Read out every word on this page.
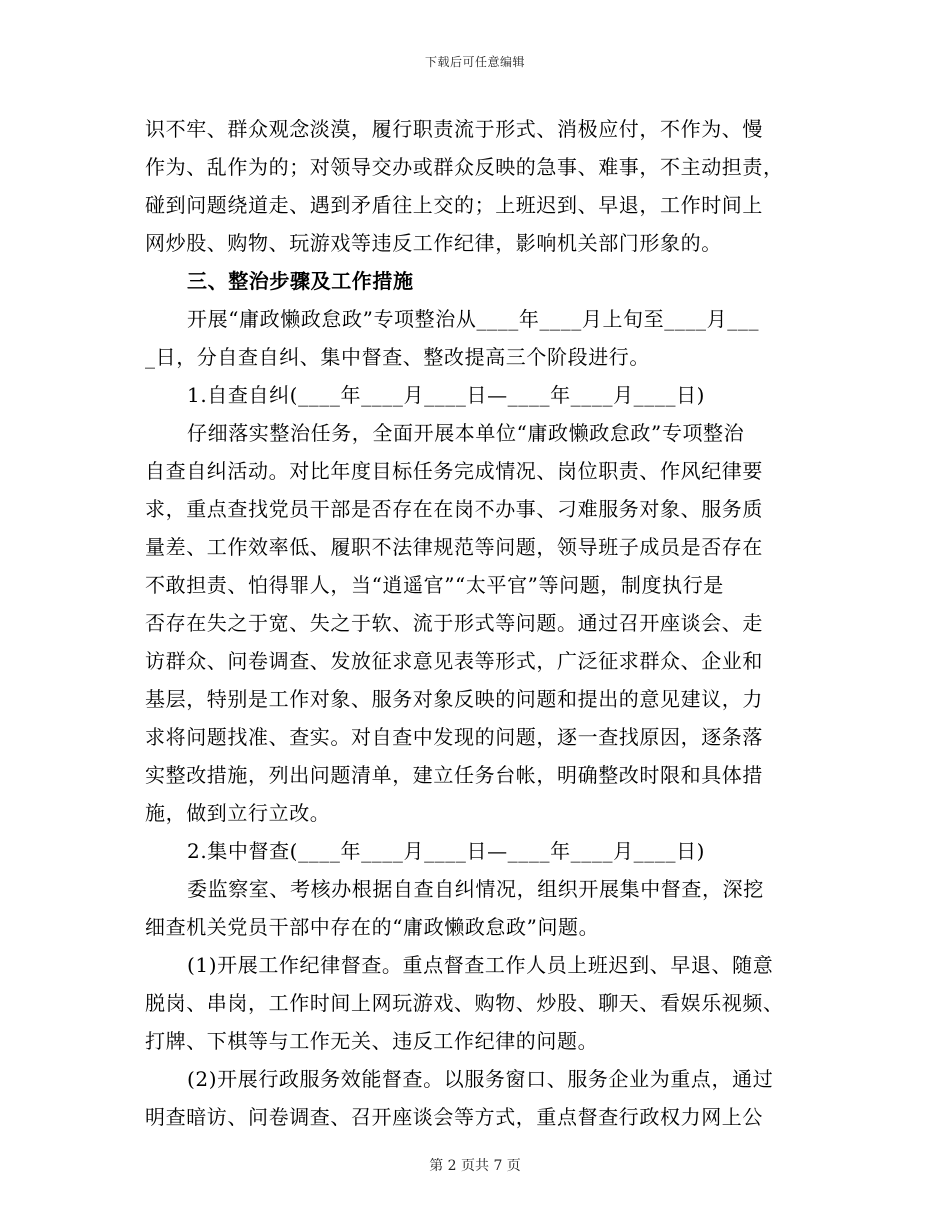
下载后可任意编辑
识不牢、群众观念淡漠，履行职责流于形式、消极应付，不作为、慢
作为、乱作为的；对领导交办或群众反映的急事、难事，不主动担责，
碰到问题绕道走、遇到矛盾往上交的；上班迟到、早退，工作时间上
网炒股、购物、玩游戏等违反工作纪律，影响机关部门形象的。
三、整治步骤及工作措施
开展“庸政懒政怠政”专项整治从____年____月上旬至____月___
_日，分自查自纠、集中督查、整改提高三个阶段进行。
1.自查自纠(____年____月____日—____年____月____日)
仔细落实整治任务，全面开展本单位“庸政懒政怠政”专项整治
自查自纠活动。对比年度目标任务完成情况、岗位职责、作风纪律要
求，重点查找党员干部是否存在在岗不办事、刁难服务对象、服务质
量差、工作效率低、履职不法律规范等问题，领导班子成员是否存在
不敢担责、怕得罪人，当“逍遥官”“太平官”等问题，制度执行是
否存在失之于宽、失之于软、流于形式等问题。通过召开座谈会、走
访群众、问卷调查、发放征求意见表等形式，广泛征求群众、企业和
基层，特别是工作对象、服务对象反映的问题和提出的意见建议，力
求将问题找准、查实。对自查中发现的问题，逐一查找原因，逐条落
实整改措施，列出问题清单，建立任务台帐，明确整改时限和具体措
施，做到立行立改。
2.集中督查(____年____月____日—____年____月____日)
委监察室、考核办根据自查自纠情况，组织开展集中督查，深挖
细查机关党员干部中存在的“庸政懒政怠政”问题。
(1)开展工作纪律督查。重点督查工作人员上班迟到、早退、随意
脱岗、串岗，工作时间上网玩游戏、购物、炒股、聊天、看娱乐视频、
打牌、下棋等与工作无关、违反工作纪律的问题。
(2)开展行政服务效能督查。以服务窗口、服务企业为重点，通过
明查暗访、问卷调查、召开座谈会等方式，重点督查行政权力网上公
第 2 页共 7 页
